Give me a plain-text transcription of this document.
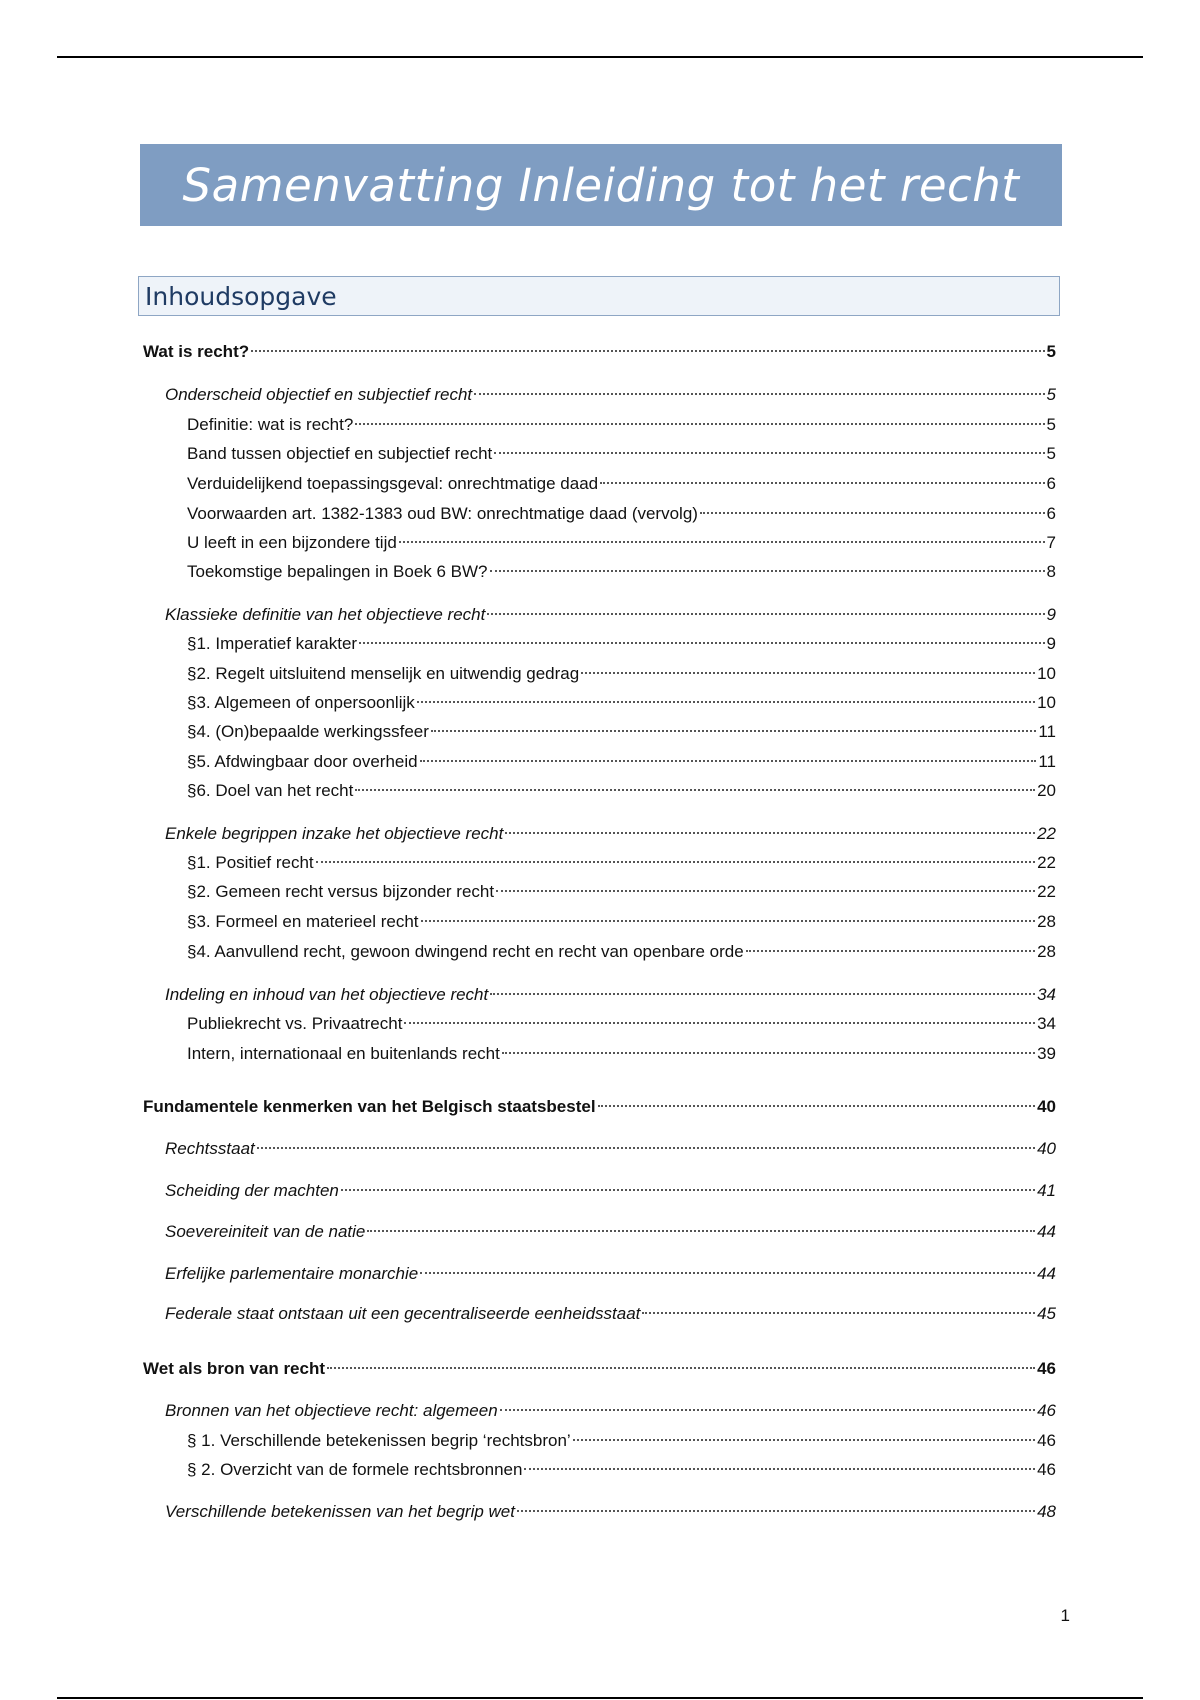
Samenvatting Inleiding tot het recht
Inhoudsopgave
Wat is recht?	5
Onderscheid objectief en subjectief recht	5
Definitie: wat is recht?	5
Band tussen objectief en subjectief recht	5
Verduidelijkend toepassingsgeval: onrechtmatige daad	6
Voorwaarden art. 1382-1383 oud BW: onrechtmatige daad (vervolg)	6
U leeft in een bijzondere tijd	7
Toekomstige bepalingen in Boek 6 BW?	8
Klassieke definitie van het objectieve recht	9
§1. Imperatief karakter	9
§2. Regelt uitsluitend menselijk en uitwendig gedrag	10
§3. Algemeen of onpersoonlijk	10
§4. (On)bepaalde werkingssfeer	11
§5. Afdwingbaar door overheid	11
§6. Doel van het recht	20
Enkele begrippen inzake het objectieve recht	22
§1. Positief recht	22
§2. Gemeen recht versus bijzonder recht	22
§3. Formeel en materieel recht	28
§4. Aanvullend recht, gewoon dwingend recht en recht van openbare orde	28
Indeling en inhoud van het objectieve recht	34
Publiekrecht vs. Privaatrecht	34
Intern, internationaal en buitenlands recht	39
Fundamentele kenmerken van het Belgisch staatsbestel	40
Rechtsstaat	40
Scheiding der machten	41
Soevereiniteit van de natie	44
Erfelijke parlementaire monarchie	44
Federale staat ontstaan uit een gecentraliseerde eenheidsstaat	45
Wet als bron van recht	46
Bronnen van het objectieve recht: algemeen	46
§ 1. Verschillende betekenissen begrip ‘rechtsbron’	46
§ 2. Overzicht van de formele rechtsbronnen	46
Verschillende betekenissen van het begrip wet	48
1
